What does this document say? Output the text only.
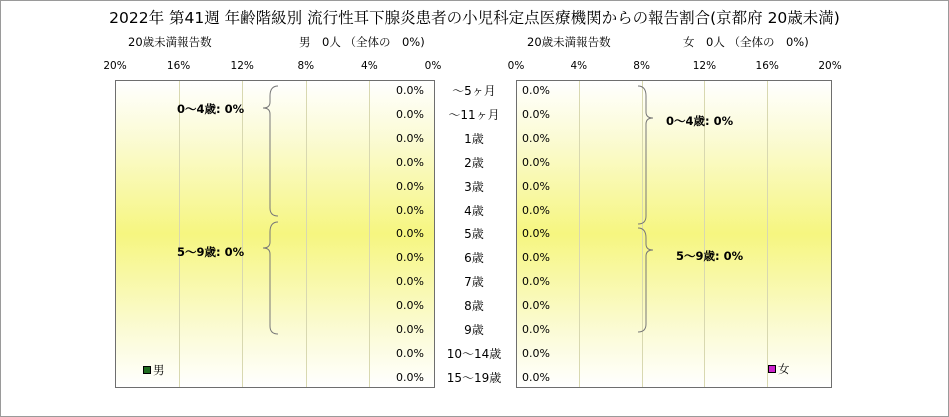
2022年 第41週 年齢階級別 流行性耳下腺炎患者の小児科定点医療機関からの報告割合(京都府 20歳未満)
20歳未満報告数	男　0人 （全体の　0%)	20歳未満報告数	女　0人 （全体の　0%)
20%	16%	12%	8%	4%	0%	0%	4%	8%	12%	16%	20%
～5ヶ月
～11ヶ月
1歳
2歳
3歳
4歳
5歳
6歳
7歳
8歳
9歳
10～14歳
15～19歳
0～4歳: 0%
5～9歳: 0%
0～4歳: 0%
5～9歳: 0%
男	女
0.0%
0.0%
0.0%
0.0%
0.0%
0.0%
0.0%
0.0%
0.0%
0.0%
0.0%
0.0%
0.0%
0.0%
0.0%
0.0%
0.0%
0.0%
0.0%
0.0%
0.0%
0.0%
0.0%
0.0%
0.0%
0.0%
